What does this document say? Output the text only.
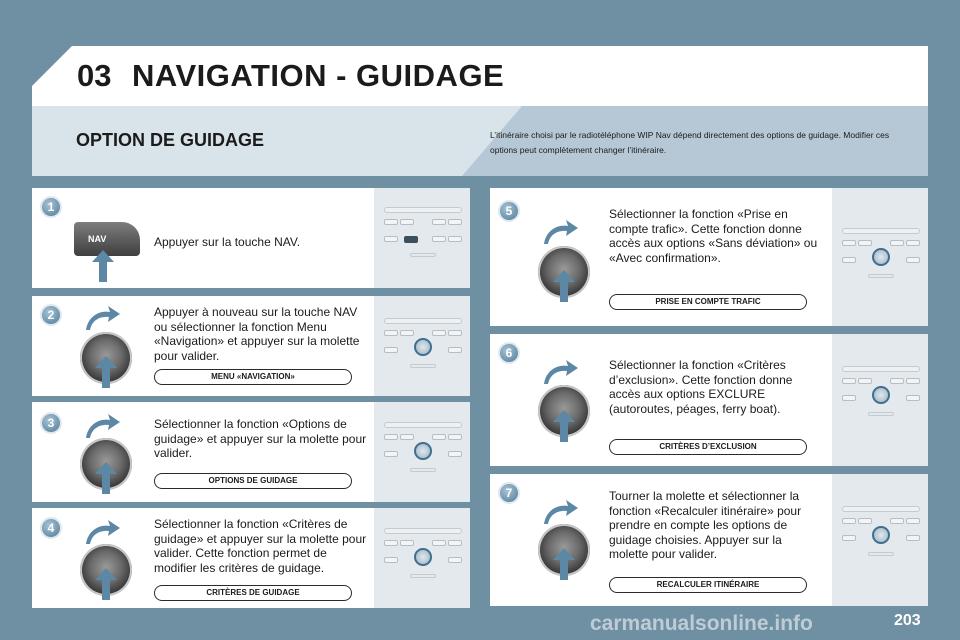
03 NAVIGATION - GUIDAGE
OPTION DE GUIDAGE	L’itinéraire choisi par le radiotéléphone WIP Nav dépend directement des options de guidage. Modifier ces options peut complètement changer l’itinéraire.
1
NAV	Appuyer sur la touche NAV.
2	Appuyer à nouveau sur la touche NAV ou sélectionner la fonction Menu «Navigation» et appuyer sur la molette pour valider.
MENU «NAVIGATION»
3	Sélectionner la fonction «Options de guidage» et appuyer sur la molette pour valider.
OPTIONS DE GUIDAGE
4	Sélectionner la fonction «Critères de guidage» et appuyer sur la molette pour valider. Cette fonction permet de modifier les critères de guidage.
CRITÈRES DE GUIDAGE
5	Sélectionner la fonction «Prise en compte trafic». Cette fonction donne accès aux options «Sans déviation» ou «Avec confirmation».
PRISE EN COMPTE TRAFIC
6
Sélectionner la fonction «Critères d’exclusion». Cette fonction donne accès aux options EXCLURE (autoroutes, péages, ferry boat).
CRITÈRES D’EXCLUSION
7	Tourner la molette et sélectionner la fonction «Recalculer itinéraire» pour prendre en compte les options de guidage choisies. Appuyer sur la molette pour valider.
RECALCULER ITINÉRAIRE
carmanualsonline.info	203
